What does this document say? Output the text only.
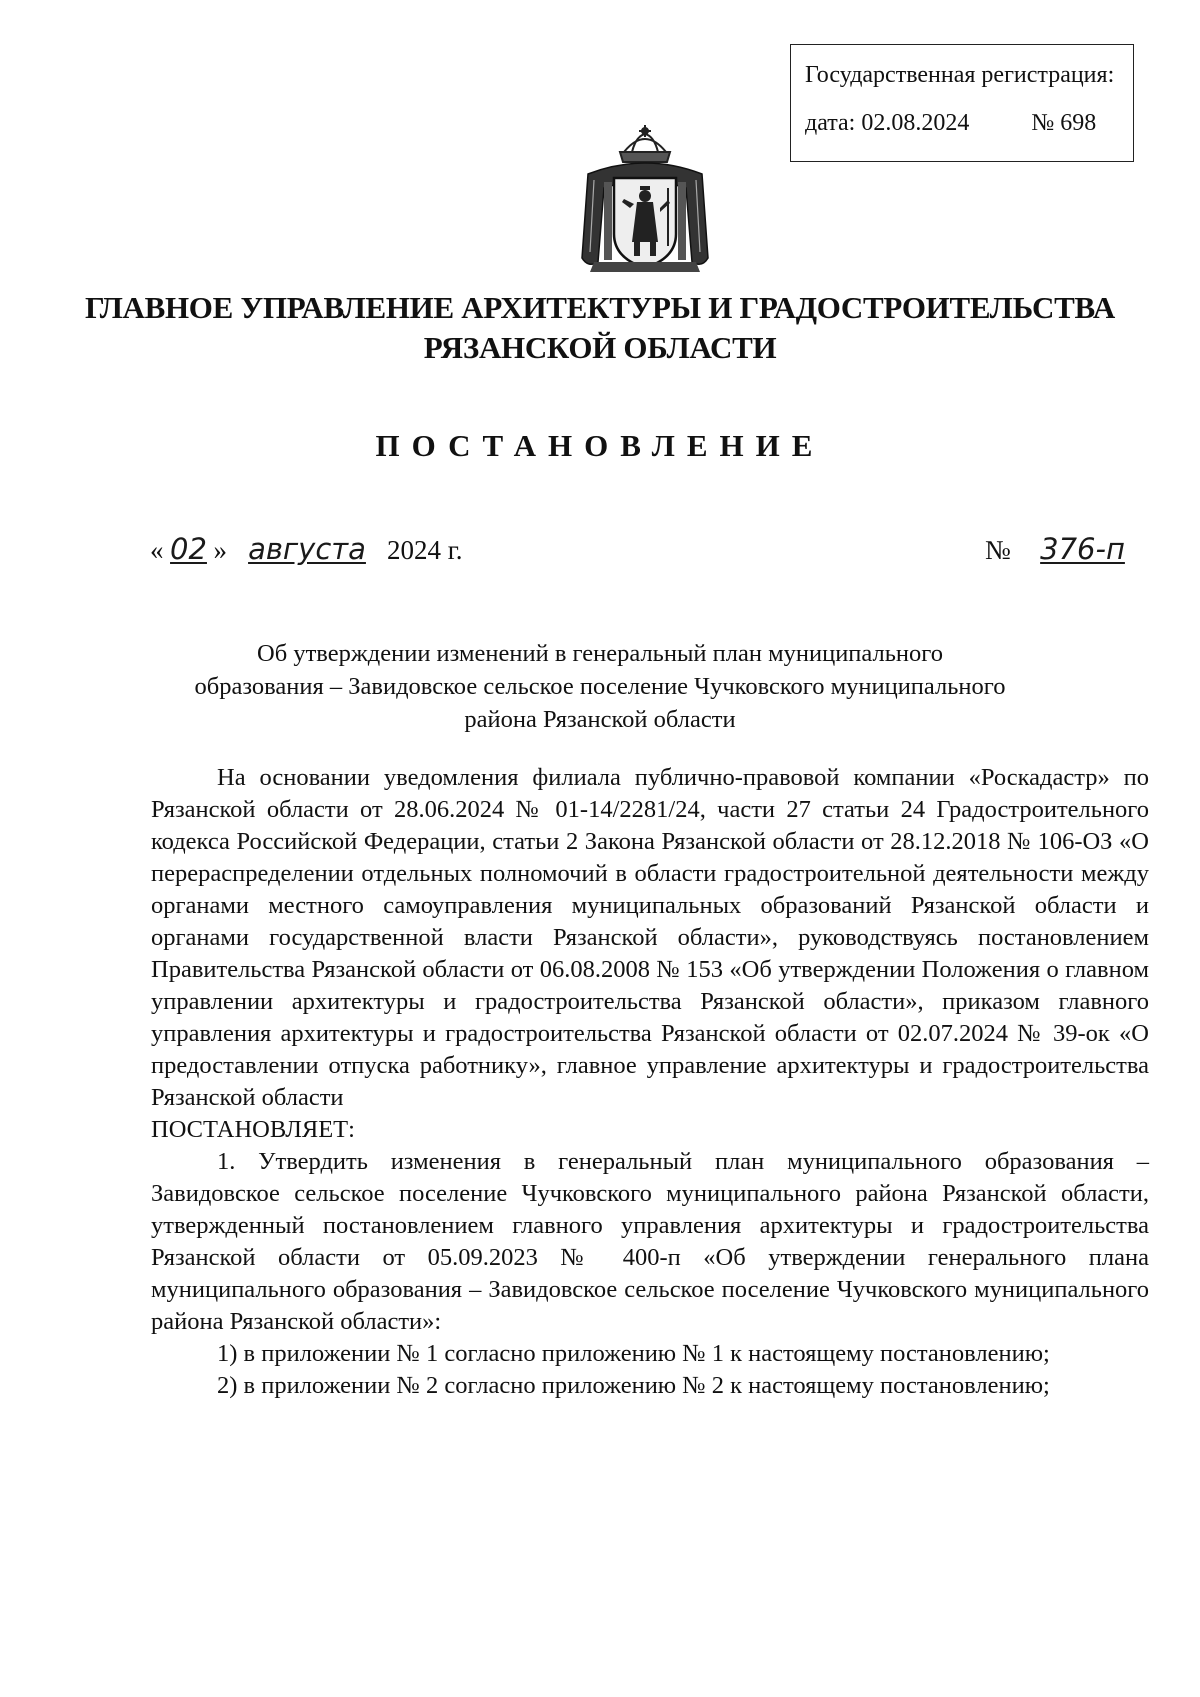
Государственная регистрация:
дата: 02.08.2024	№ 698
ГЛАВНОЕ УПРАВЛЕНИЕ АРХИТЕКТУРЫ И ГРАДОСТРОИТЕЛЬСТВА
РЯЗАНСКОЙ ОБЛАСТИ
ПОСТАНОВЛЕНИЕ
« 02 » августа 2024 г.	№ 376-п
Об утверждении изменений в генеральный план муниципального
образования – Завидовское сельское поселение Чучковского муниципального
района Рязанской области

На основании уведомления филиала публично-правовой компании «Роскадастр» по Рязанской области от 28.06.2024 № 01-14/2281/24, части 27 статьи 24 Градостроительного кодекса Российской Федерации, статьи 2 Закона Рязанской области от 28.12.2018 № 106-ОЗ «О перераспределении отдельных полномочий в области градостроительной деятельности между органами местного самоуправления муниципальных образований Рязанской области и органами государственной власти Рязанской области», руководствуясь постановлением Правительства Рязанской области от 06.08.2008 № 153 «Об утверждении Положения о главном управлении архитектуры и градостроительства Рязанской области», приказом главного управления архитектуры и градостроительства Рязанской области от 02.07.2024 № 39-ок «О предоставлении отпуска работнику», главное управление архитектуры и градостроительства Рязанской области

ПОСТАНОВЛЯЕТ:

1. Утвердить изменения в генеральный план муниципального образования – Завидовское сельское поселение Чучковского муниципального района Рязанской области, утвержденный постановлением главного управления архитектуры и градостроительства Рязанской области от 05.09.2023 № 400-п «Об утверждении генерального плана муниципального образования – Завидовское сельское поселение Чучковского муниципального района Рязанской области»:

1) в приложении № 1 согласно приложению № 1 к настоящему постановлению;

2) в приложении № 2 согласно приложению № 2 к настоящему постановлению;
